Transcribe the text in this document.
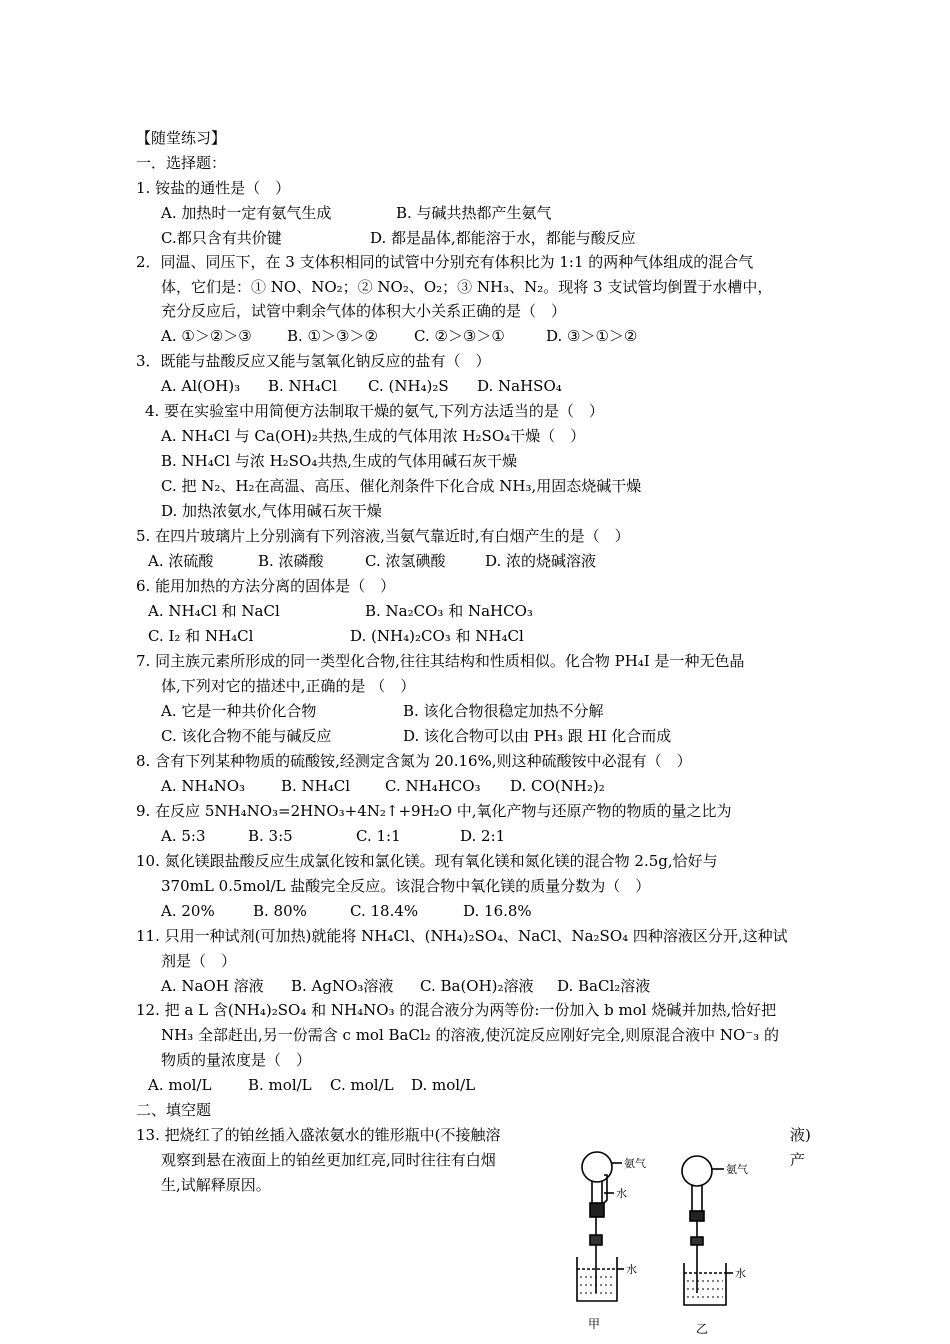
【随堂练习】
一．选择题：
1. 铵盐的通性是（　）
A. 加热时一定有氨气生成	B. 与碱共热都产生氨气
C.都只含有共价键	D. 都是晶体,都能溶于水，都能与酸反应
2．同温、同压下，在 3 支体积相同的试管中分别充有体积比为 1:1 的两种气体组成的混合气
体，它们是：① NO、NO₂；② NO₂、O₂；③ NH₃、N₂。现将 3 支试管均倒置于水槽中，
充分反应后，试管中剩余气体的体积大小关系正确的是（　）
A. ①＞②＞③ B. ①＞③＞② C. ②＞③＞①	D. ③＞①＞②
3．既能与盐酸反应又能与氢氧化钠反应的盐有（　）
A. Al(OH)₃ B. NH₄Cl C. (NH₄)₂S D. NaHSO₄
4. 要在实验室中用简便方法制取干燥的氨气,下列方法适当的是（　）
A. NH₄Cl 与 Ca(OH)₂共热,生成的气体用浓 H₂SO₄干燥（　）
B. NH₄Cl 与浓 H₂SO₄共热,生成的气体用碱石灰干燥
C. 把 N₂、H₂在高温、高压、催化剂条件下化合成 NH₃,用固态烧碱干燥
D. 加热浓氨水,气体用碱石灰干燥
5. 在四片玻璃片上分别滴有下列溶液,当氨气靠近时,有白烟产生的是（　）
A. 浓硫酸	B. 浓磷酸	C. 浓氢碘酸	D. 浓的烧碱溶液
6. 能用加热的方法分离的固体是（　）
A. NH₄Cl 和 NaCl	B. Na₂CO₃ 和 NaHCO₃
C. I₂ 和 NH₄Cl	D. (NH₄)₂CO₃ 和 NH₄Cl
7. 同主族元素所形成的同一类型化合物,往往其结构和性质相似。化合物 PH₄I 是一种无色晶
体,下列对它的描述中,正确的是 （　）
A. 它是一种共价化合物	B. 该化合物很稳定加热不分解
C. 该化合物不能与碱反应	D. 该化合物可以由 PH₃ 跟 HI 化合而成
8. 含有下列某种物质的硫酸铵,经测定含氮为 20.16%,则这种硫酸铵中必混有（　）
A. NH₄NO₃ B. NH₄Cl C. NH₄HCO₃ D. CO(NH₂)₂
9. 在反应 5NH₄NO₃=2HNO₃+4N₂↑+9H₂O 中,氧化产物与还原产物的物质的量之比为
A. 5:3	B. 3:5	C. 1:1	D. 2:1
10. 氮化镁跟盐酸反应生成氯化铵和氯化镁。现有氧化镁和氮化镁的混合物 2.5g,恰好与
370mL 0.5mol/L 盐酸完全反应。该混合物中氧化镁的质量分数为（　）
A. 20%	B. 80%	C. 18.4%	D. 16.8%
11. 只用一种试剂(可加热)就能将 NH₄Cl、(NH₄)₂SO₄、NaCl、Na₂SO₄ 四种溶液区分开,这种试
剂是（　）
A. NaOH 溶液 B. AgNO₃溶液 C. Ba(OH)₂溶液 D. BaCl₂溶液
12. 把 a L 含(NH₄)₂SO₄ 和 NH₄NO₃ 的混合液分为两等份:一份加入 b mol 烧碱并加热,恰好把
NH₃ 全部赶出,另一份需含 c mol BaCl₂ 的溶液,使沉淀反应刚好完全,则原混合液中 NO⁻₃ 的
物质的量浓度是（　）
A. mol/L B. mol/L C. mol/L D. mol/L
二、填空题
13. 把烧红了的铂丝插入盛浓氨水的锥形瓶中(不接触溶	液)
观察到悬在液面上的铂丝更加红亮,同时往往有白烟	产
生,试解释原因。
氨气
水
水
氨气
水
甲	乙
